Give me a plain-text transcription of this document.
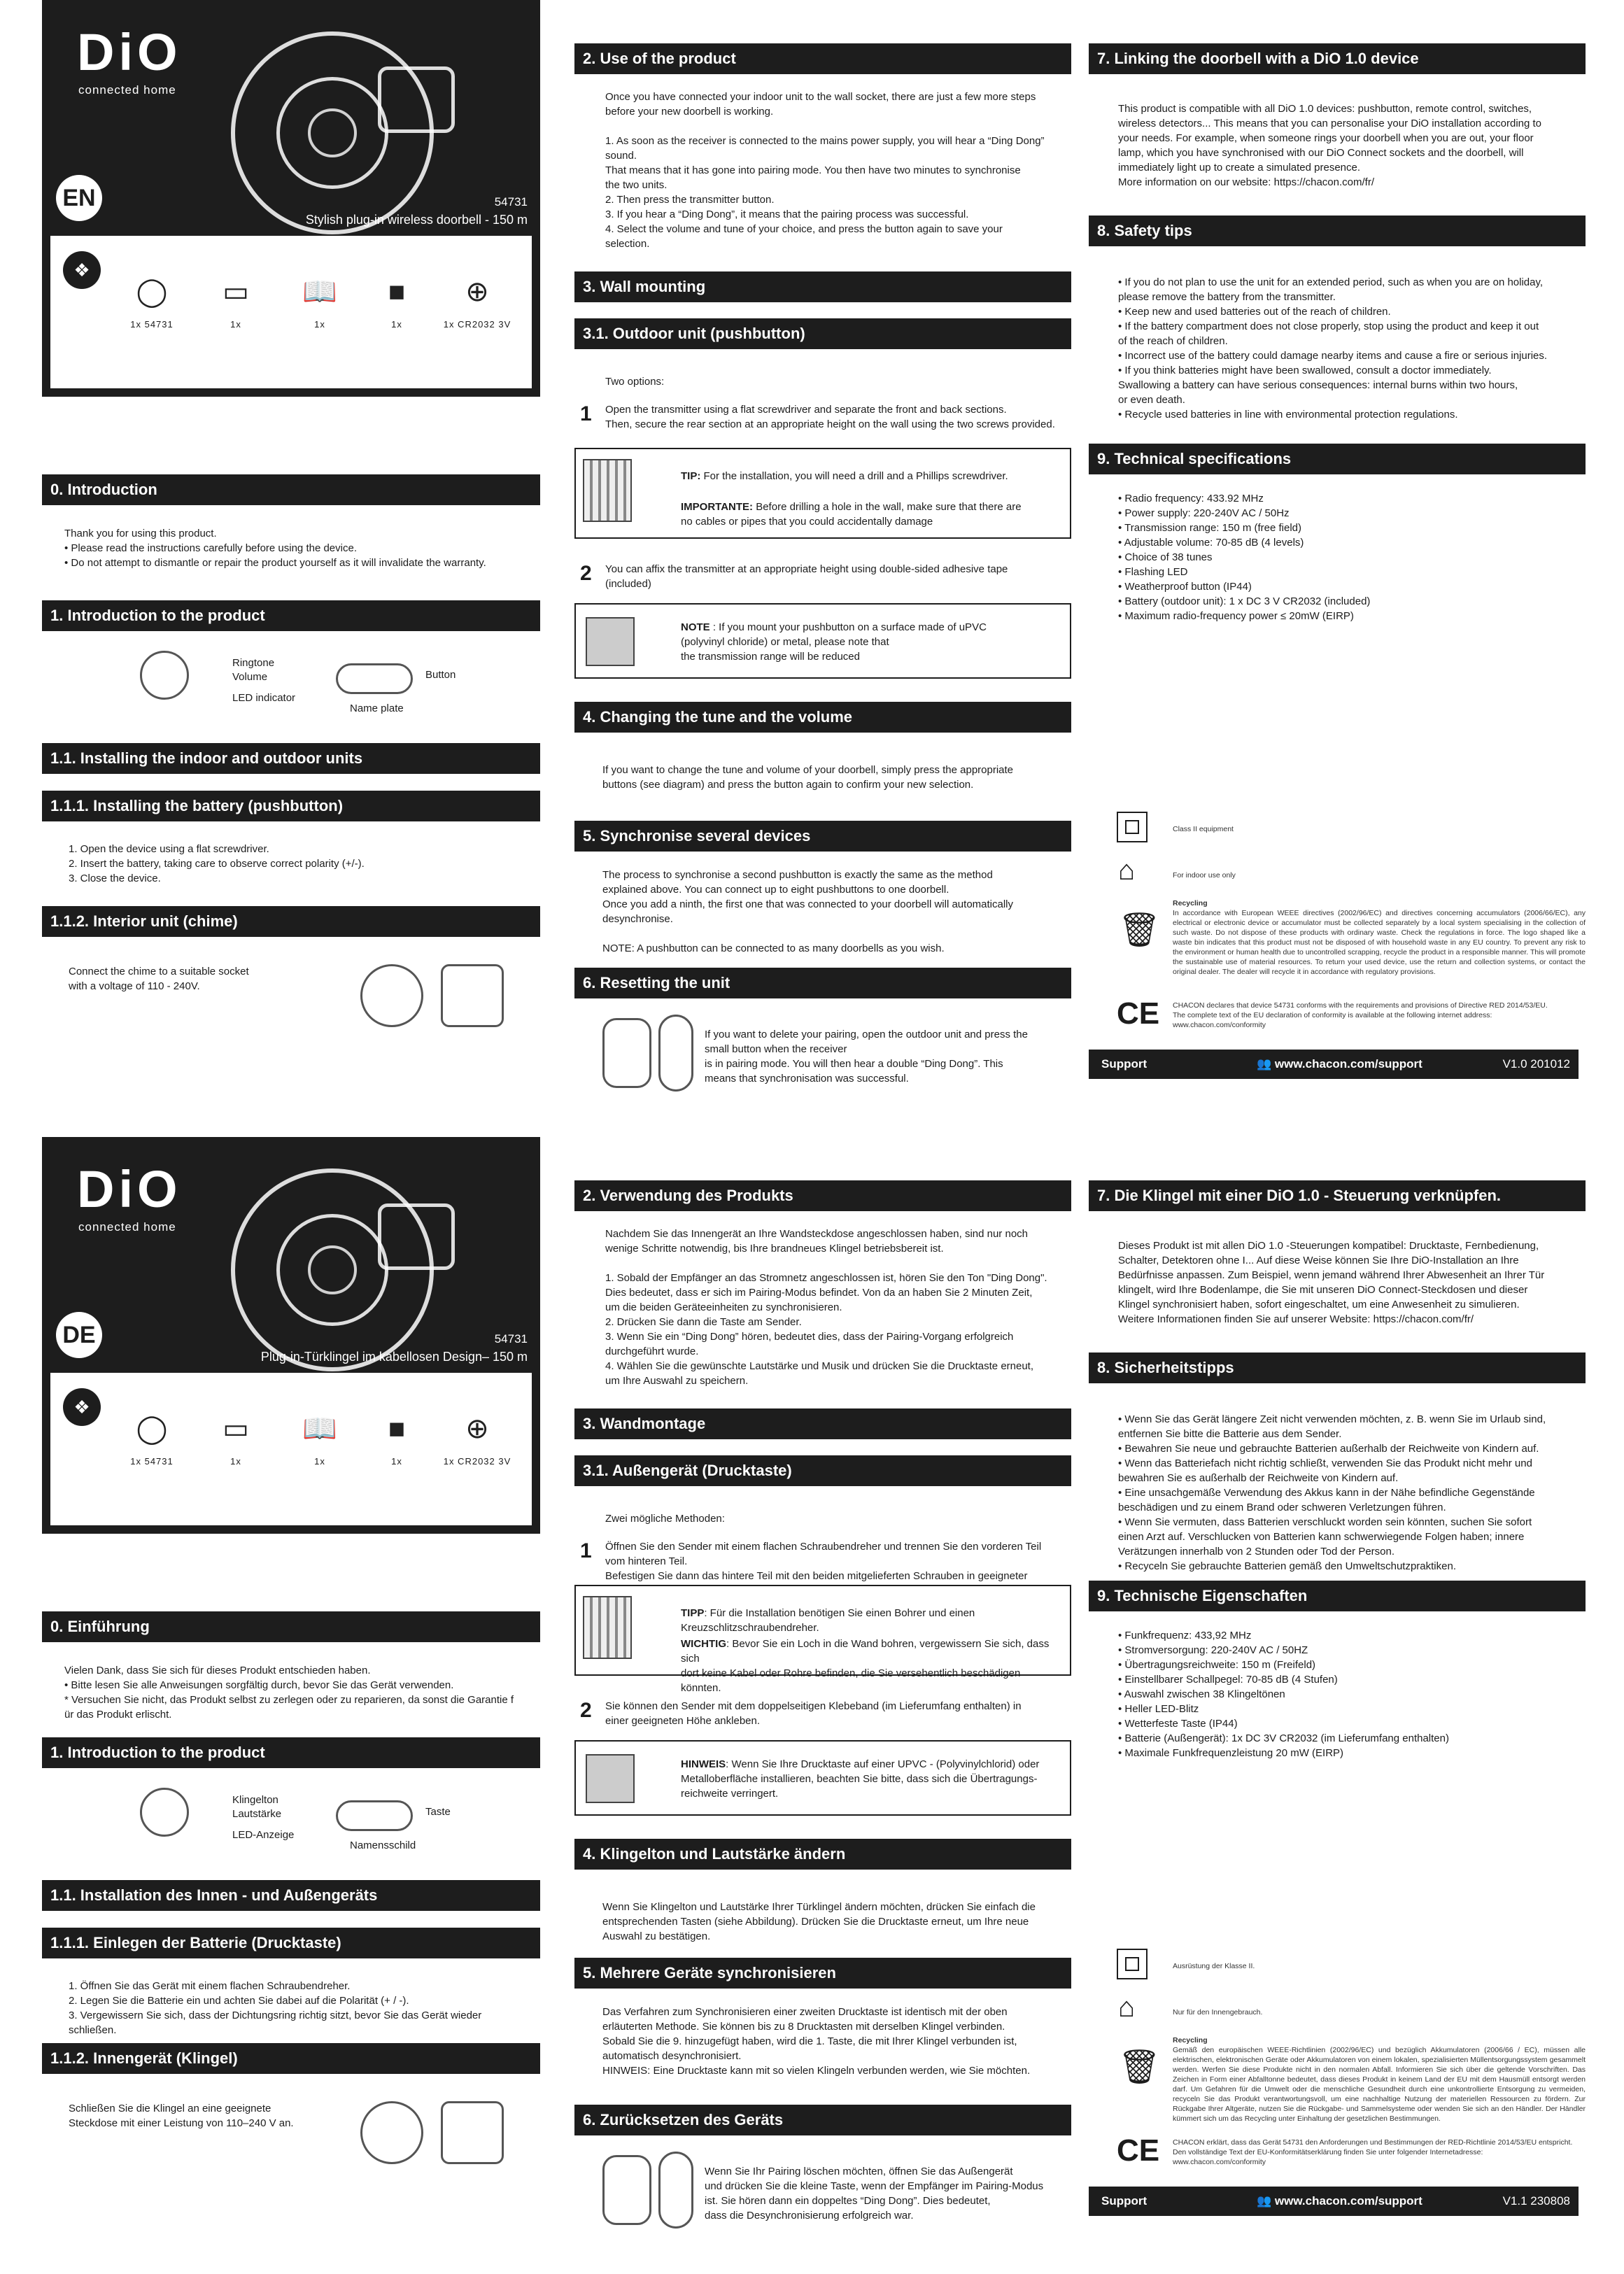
DiO
connected home
EN	54731
Stylish plug-in wireless doorbell - 150 m
❖
◯
1x 54731
▭
1x
📖
1x
■
1x
⊕
1x CR2032 3V
0. Introduction
Thank you for using this product.
• Please read the instructions carefully before using the device.
• Do not attempt to dismantle or repair the product yourself as it will invalidate the warranty.
1. Introduction to the product
Ringtone
Volume
LED indicator
Button
Name plate
1.1. Installing the indoor and outdoor units
1.1.1. Installing the battery (pushbutton)
1. Open the device using a flat screwdriver.
2. Insert the battery, taking care to observe correct polarity (+/-).
3. Close the device.
1.1.2. Interior unit (chime)
Connect the chime to a suitable socket
with a voltage of 110 - 240V.
2. Use of the product
Once you have connected your indoor unit to the wall socket, there are just a few more steps
before your new doorbell is working.

1. As soon as the receiver is connected to the mains power supply, you will hear a “Ding Dong”
sound.
That means that it has gone into pairing mode. You then have two minutes to synchronise
the two units.
2. Then press the transmitter button.
3. If you hear a “Ding Dong”, it means that the pairing process was successful.
4. Select the volume and tune of your choice, and press the button again to save your
selection.
3. Wall mounting
3.1. Outdoor unit (pushbutton)
Two options:
1 Open the transmitter using a flat screwdriver and separate the front and back sections.
Then, secure the rear section at an appropriate height on the wall using the two screws provided.
TIP: For the installation, you will need a drill and a Phillips screwdriver.
IMPORTANTE: Before drilling a hole in the wall, make sure that there are
no cables or pipes that you could accidentally damage
2 You can affix the transmitter at an appropriate height using double-sided adhesive tape
(included)
NOTE : If you mount your pushbutton on a surface made of uPVC
(polyvinyl chloride) or metal, please note that
the transmission range will be reduced
4. Changing the tune and the volume
If you want to change the tune and volume of your doorbell, simply press the appropriate
buttons (see diagram) and press the button again to confirm your new selection.
5. Synchronise several devices
The process to synchronise a second pushbutton is exactly the same as the method
explained above. You can connect up to eight pushbuttons to one doorbell.
Once you add a ninth, the first one that was connected to your doorbell will automatically
desynchronise.

NOTE: A pushbutton can be connected to as many doorbells as you wish.
6. Resetting the unit
If you want to delete your pairing, open the outdoor unit and press the
small button when the receiver
is in pairing mode. You will then hear a double “Ding Dong”. This
means that synchronisation was successful.
7. Linking the doorbell with a DiO 1.0 device
This product is compatible with all DiO 1.0 devices: pushbutton, remote control, switches,
wireless detectors... This means that you can personalise your DiO installation according to
your needs. For example, when someone rings your doorbell when you are out, your floor
lamp, which you have synchronised with our DiO Connect sockets and the doorbell, will
immediately light up to create a simulated presence.
More information on our website: https://chacon.com/fr/
8. Safety tips
• If you do not plan to use the unit for an extended period, such as when you are on holiday,
please remove the battery from the transmitter.
• Keep new and used batteries out of the reach of children.
• If the battery compartment does not close properly, stop using the product and keep it out
of the reach of children.
• Incorrect use of the battery could damage nearby items and cause a fire or serious injuries.
• If you think batteries might have been swallowed, consult a doctor immediately.
Swallowing a battery can have serious consequences: internal burns within two hours,
or even death.
• Recycle used batteries in line with environmental protection regulations.
9. Technical specifications
• Radio frequency: 433.92 MHz
• Power supply: 220-240V AC / 50Hz
• Transmission range: 150 m (free field)
• Adjustable volume: 70-85 dB (4 levels)
• Choice of 38 tunes
• Flashing LED
• Weatherproof button (IP44)
• Battery (outdoor unit): 1 x DC 3 V CR2032 (included)
• Maximum radio-frequency power ≤ 20mW (EIRP)
Class II equipment
⌂	For indoor use only
🗑
Recycling
In accordance with European WEEE directives (2002/96/EC) and directives concerning accumulators (2006/66/EC), any electrical or electronic device or accumulator must be collected separately by a local system specialising in the collection of such waste. Do not dispose of these products with ordinary waste. Check the regulations in force. The logo shaped like a waste bin indicates that this product must not be disposed of with household waste in any EU country. To prevent any risk to the environment or human health due to uncontrolled scrapping, recycle the product in a responsible manner. This will promote the sustainable use of material resources. To return your used device, use the return and collection systems, or contact the original dealer. The dealer will recycle it in accordance with regulatory provisions.
CE CHACON declares that device 54731 conforms with the requirements and provisions of Directive RED 2014/53/EU.
The complete text of the EU declaration of conformity is available at the following internet address:
www.chacon.com/conformity
Support	👥 www.chacon.com/support	V1.0 201012
DiO
connected home
DE	54731
Plug-in-Türklingel im kabellosen Design– 150 m
❖
◯
1x 54731
▭
1x
📖
1x
■
1x
⊕
1x CR2032 3V
0. Einführung
Vielen Dank, dass Sie sich für dieses Produkt entschieden haben.
• Bitte lesen Sie alle Anweisungen sorgfältig durch, bevor Sie das Gerät verwenden.
* Versuchen Sie nicht, das Produkt selbst zu zerlegen oder zu reparieren, da sonst die Garantie f
ür das Produkt erlischt.
1. Introduction to the product
Klingelton
Lautstärke
LED-Anzeige
Taste
Namensschild
1.1. Installation des Innen - und Außengeräts
1.1.1. Einlegen der Batterie (Drucktaste)
1. Öffnen Sie das Gerät mit einem flachen Schraubendreher.
2. Legen Sie die Batterie ein und achten Sie dabei auf die Polarität (+ / -).
3. Vergewissern Sie sich, dass der Dichtungsring richtig sitzt, bevor Sie das Gerät wieder
schließen.
1.1.2. Innengerät (Klingel)
Schließen Sie die Klingel an eine geeignete
Steckdose mit einer Leistung von 110–240 V an.
2. Verwendung des Produkts
Nachdem Sie das Innengerät an Ihre Wandsteckdose angeschlossen haben, sind nur noch
wenige Schritte notwendig, bis Ihre brandneues Klingel betriebsbereit ist.

1. Sobald der Empfänger an das Stromnetz angeschlossen ist, hören Sie den Ton "Ding Dong".
Dies bedeutet, dass er sich im Pairing-Modus befindet. Von da an haben Sie 2 Minuten Zeit,
um die beiden Geräteeinheiten zu synchronisieren.
2. Drücken Sie dann die Taste am Sender.
3. Wenn Sie ein “Ding Dong” hören, bedeutet dies, dass der Pairing-Vorgang erfolgreich
durchgeführt wurde.
4. Wählen Sie die gewünschte Lautstärke und Musik und drücken Sie die Drucktaste erneut,
um Ihre Auswahl zu speichern.
3. Wandmontage
3.1. Außengerät (Drucktaste)
Zwei mögliche Methoden:
1 Öffnen Sie den Sender mit einem flachen Schraubendreher und trennen Sie den vorderen Teil
vom hinteren Teil.
Befestigen Sie dann das hintere Teil mit den beiden mitgelieferten Schrauben in geeigneter

TIPP: Für die Installation benötigen Sie einen Bohrer und einen
Kreuzschlitzschraubendreher.
WICHTIG: Bevor Sie ein Loch in die Wand bohren, vergewissern Sie sich, dass sich
dort keine Kabel oder Rohre befinden, die Sie versehentlich beschädigen
könnten.
2 Sie können den Sender mit dem doppelseitigen Klebeband (im Lieferumfang enthalten) in
einer geeigneten Höhe ankleben.
HINWEIS: Wenn Sie Ihre Drucktaste auf einer UPVC - (Polyvinylchlorid) oder
Metalloberfläche installieren, beachten Sie bitte, dass sich die Übertragungs-
reichweite verringert.
4. Klingelton und Lautstärke ändern
Wenn Sie Klingelton und Lautstärke Ihrer Türklingel ändern möchten, drücken Sie einfach die
entsprechenden Tasten (siehe Abbildung). Drücken Sie die Drucktaste erneut, um Ihre neue
Auswahl zu bestätigen.
5. Mehrere Geräte synchronisieren
Das Verfahren zum Synchronisieren einer zweiten Drucktaste ist identisch mit der oben
erläuterten Methode. Sie können bis zu 8 Drucktasten mit derselben Klingel verbinden.
Sobald Sie die 9. hinzugefügt haben, wird die 1. Taste, die mit Ihrer Klingel verbunden ist,
automatisch desynchronisiert.
HINWEIS: Eine Drucktaste kann mit so vielen Klingeln verbunden werden, wie Sie möchten.
6. Zurücksetzen des Geräts
Wenn Sie Ihr Pairing löschen möchten, öffnen Sie das Außengerät
und drücken Sie die kleine Taste, wenn der Empfänger im Pairing-Modus
ist. Sie hören dann ein doppeltes “Ding Dong”. Dies bedeutet,
dass die Desynchronisierung erfolgreich war.
7. Die Klingel mit einer DiO 1.0 - Steuerung verknüpfen.
Dieses Produkt ist mit allen DiO 1.0 -Steuerungen kompatibel: Drucktaste, Fernbedienung,
Schalter, Detektoren ohne I... Auf diese Weise können Sie Ihre DiO-Installation an Ihre
Bedürfnisse anpassen. Zum Beispiel, wenn jemand während Ihrer Abwesenheit an Ihrer Tür
klingelt, wird Ihre Bodenlampe, die Sie mit unseren DiO Connect-Steckdosen und dieser
Klingel synchronisiert haben, sofort eingeschaltet, um eine Anwesenheit zu simulieren.
Weitere Informationen finden Sie auf unserer Website: https://chacon.com/fr/
8. Sicherheitstipps
• Wenn Sie das Gerät längere Zeit nicht verwenden möchten, z. B. wenn Sie im Urlaub sind,
entfernen Sie bitte die Batterie aus dem Sender.
• Bewahren Sie neue und gebrauchte Batterien außerhalb der Reichweite von Kindern auf.
• Wenn das Batteriefach nicht richtig schließt, verwenden Sie das Produkt nicht mehr und
bewahren Sie es außerhalb der Reichweite von Kindern auf.
• Eine unsachgemäße Verwendung des Akkus kann in der Nähe befindliche Gegenstände
beschädigen und zu einem Brand oder schweren Verletzungen führen.
• Wenn Sie vermuten, dass Batterien verschluckt worden sein könnten, suchen Sie sofort
einen Arzt auf. Verschlucken von Batterien kann schwerwiegende Folgen haben; innere
Verätzungen innerhalb von 2 Stunden oder Tod der Person.
• Recyceln Sie gebrauchte Batterien gemäß den Umweltschutzpraktiken.
9. Technische Eigenschaften
• Funkfrequenz: 433,92 MHz
• Stromversorgung: 220-240V AC / 50HZ
• Übertragungsreichweite: 150 m (Freifeld)
• Einstellbarer Schallpegel: 70-85 dB (4 Stufen)
• Auswahl zwischen 38 Klingeltönen
• Heller LED-Blitz
• Wetterfeste Taste (IP44)
• Batterie (Außengerät): 1x DC 3V CR2032 (im Lieferumfang enthalten)
• Maximale Funkfrequenzleistung 20 mW (EIRP)
Ausrüstung der Klasse II.
⌂	Nur für den Innengebrauch.
🗑
Recycling
Gemäß den europäischen WEEE-Richtlinien (2002/96/EC) und bezüglich Akkumulatoren (2006/66 / EC), müssen alle elektrischen, elektronischen Geräte oder Akkumulatoren von einem lokalen, spezialisierten Müllentsorgungssystem gesammelt werden. Werfen Sie diese Produkte nicht in den normalen Abfall. Informieren Sie sich über die geltende Vorschriften. Das Zeichen in Form einer Abfalltonne bedeutet, dass dieses Produkt in keinem Land der EU mit dem Hausmüll entsorgt werden darf. Um Gefahren für die Umwelt oder die menschliche Gesundheit durch eine unkontrollierte Entsorgung zu vermeiden, recyceln Sie das Produkt verantwortungsvoll, um eine nachhaltige Nutzung der materiellen Ressourcen zu fördern. Zur Rückgabe Ihrer Altgeräte, nutzen Sie die Rückgabe- und Sammelsysteme oder wenden Sie sich an den Händler. Der Händler kümmert sich um das Recycling unter Einhaltung der gesetzlichen Bestimmungen.
CE CHACON erklärt, dass das Gerät 54731 den Anforderungen und Bestimmungen der RED-Richtlinie 2014/53/EU entspricht.
Den vollständige Text der EU-Konformitätserklärung finden Sie unter folgender Internetadresse:
www.chacon.com/conformity
Support	👥 www.chacon.com/support	V1.1 230808
